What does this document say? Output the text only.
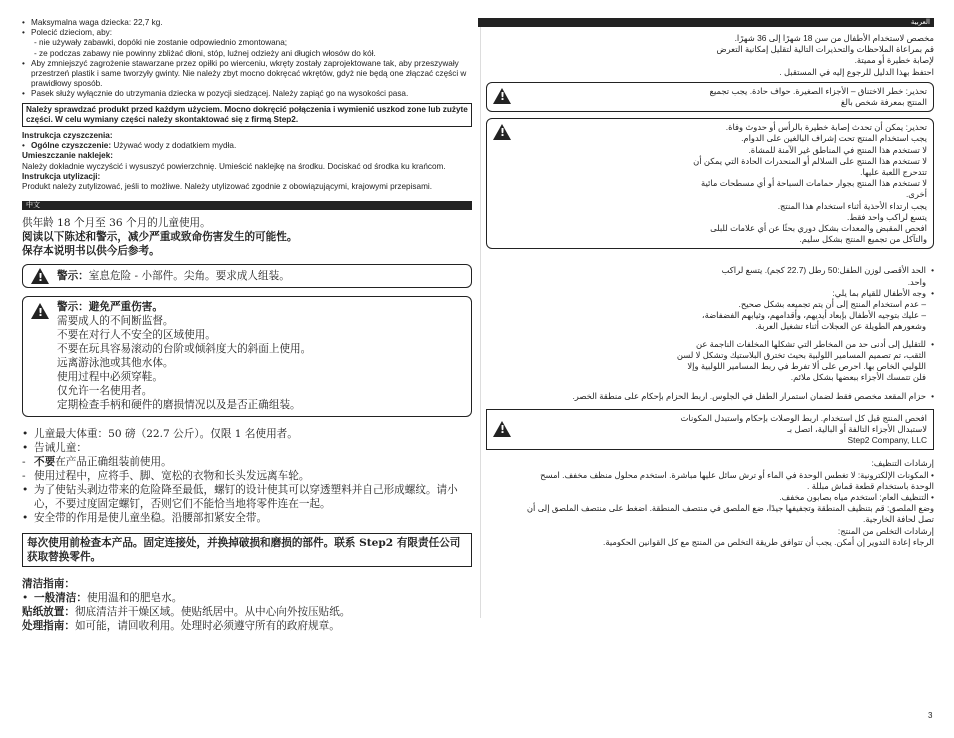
• Maksymalna waga dziecka: 22,7 kg.
• Polecić dzieciom, aby:
- nie używały zabawki, dopóki nie zostanie odpowiednio zmontowana;
- ze podczas zabawy nie powinny zbliżać dłoni, stóp, luźnej odzieży ani długich włosów do kół.
• Aby zmniejszyć zagrożenie stawarzane przez opiłki po wierceniu, wkręty zostały zaprojektowane tak, aby przeszywały przestrzeń plastik i same tworzyły gwinty. Nie należy zbyt mocno dokręcać wkrętów, gdyż nie będą one złączać części w prawidłowy sposób.
• Pasek służy wyłącznie do utrzymania dziecka w pozycji siedzącej. Należy zapiąć go na wysokości pasa.
Należy sprawdzać produkt przed każdym użyciem. Mocno dokręcić połączenia i wymienić uszkod zone lub zużyte części. W celu wymiany części należy skontaktować się z firmą Step2.

Instrukcja czyszczenia:

• Ogólne czyszczenie: Używać wody z dodatkiem mydła.

Umieszczanie naklejek:

Należy dokładnie wyczyścić i wysuszyć powierzchnię. Umieścić naklejkę na środku. Dociskać od środka ku krańcom.

Instrukcja utylizacji:

Produkt należy zutylizować, jeśli to możliwe. Należy utylizować zgodnie z obowiązującymi, krajowymi przepisami.

中文

供年龄 18 个月至 36 个月的儿童使用。

阅读以下陈述和警示，减少严重或致命伤害发生的可能性。

保存本说明书以供今后参考。

!	警示：室息危险 - 小部件。尖角。要求成人组装。
! 警示：避免严重伤害。

需要成人的不间断监督。

不要在对行人不安全的区域使用。

不要在玩具容易滚动的台阶或倾斜度大的斜面上使用。

远离游泳池或其他水体。

使用过程中必须穿鞋。

仅允许一名使用者。

定期检查手柄和硬件的磨损情况以及是否正确组装。

• 儿童最大体重：50 磅（22.7 公斤）。仅限 1 名使用者。
• 告诫儿童：
- 不要在产品正确组装前使用。
- 使用过程中，应将手、脚、宽松的衣物和长头发远离车轮。
• 为了使钻头剥边带来的危险降至最低，螺钉的设计使其可以穿透塑料并自己形成螺纹。请小心，不要过度固定螺钉，否则它们不能恰当地将零件连在一起。
• 安全带的作用是使儿童坐稳。沿腰部扣紧安全带。
每次使用前检查本产品。固定连接处，并换掉破损和磨损的部件。联系 Step2 有限责任公司获取替换零件。

清洁指南：

• 一般清洁：使用温和的肥皂水。

贴纸放置：彻底清洁并干燥区域。使贴纸居中。从中心向外按压贴纸。

处理指南：如可能，请回收利用。处理时必须遵守所有的政府规章。

العربية

مخصص لاستخدام الأطفال من سن 18 شهرًا إلى 36 شهرًا.

قم بمراعاة الملاحظات والتحذيرات التالية لتقليل إمكانية التعرض

لإصابة خطيرة أو مميتة.

احتفظ بهذا الدليل للرجوع إليه في المستقبل .

!	تحذير: خطر الاختناق – الأجزاء الصغيرة. حواف حادة. يجب تجميع

المنتج بمعرفة شخص بالغ

!	تحذير: يمكن أن تحدث إصابة خطيرة بالرأس أو حدوث وفاة.

يجب استخدام المنتج تحت إشراف البالغين على الدوام.

لا تستخدم هذا المنتج في المناطق غير الآمنة للمشاة.

لا تستخدم هذا المنتج على السلالم أو المنحدرات الحادة التي يمكن أن

تتدحرج اللعبة عليها.

لا تستخدم هذا المنتج بجوار حمامات السباحة أو أي مسطحات مائية

أخرى.

يجب ارتداء الأحذية أثناء استخدام هذا المنتج.

يتسع لراكب واحد فقط.

افحص المقبض والمعدات بشكل دوري بحثًا عن أي علامات للبلى

والتآكل من تجميع المنتج بشكل سليم.

• الحد الأقصى لوزن الطفل:50 رطل (22.7 كجم). يتسع لراكب
واحد.
• وجه الأطفال للقيام بما يلي:
– عدم استخدام المنتج إلى أن يتم تجميعه بشكل صحيح.
– عليك بتوجيه الأطفال بإبعاد أيديهم، وأقدامهم، وثيابهم الفضفاضة،
وشعورهم الطويلة عن العجلات أثناء تشغيل العربة.
• للتقليل إلى أدنى حد من المخاطر التي تشكلها المخلفات الناجمة عن
الثقب، تم تصميم المسامير اللولبية بحيث تخترق البلاستيك وتشكل لا لسن
اللولبي الخاص بها. احرص على ألا تفرط في ربط المسامير اللولبية وإلا
فلن تتمسك الأجزاء ببعضها بشكل ملائم.
• حزام المقعد مخصص فقط لضمان استمرار الطفل في الجلوس. اربط الحزام بإحكام على منطقة الخصر.
!

افحص المنتج قبل كل استخدام. اربط الوصلات بإحكام واستبدل المكونات

لاستبدال الأجزاء التالفة أو البالية، اتصل بـ

Step2 Company, LLC

إرشادات التنظيف:

• المكونات الإلكترونية: لا تغطس الوحدة في الماء أو ترش سائل عليها مباشرة. استخدم محلول منظف مخفف. امسح

الوحدة باستخدام قطعة قماش مبللة .

• التنظيف العام: استخدم مياه بصابون مخفف.

وضع الملصق: قم بتنظيف المنطقة وتجفيفها جيدًا، ضع الملصق في منتصف المنطقة. اضغط على منتصف الملصق إلى أن

تصل لحافة الخارجية.

إرشادات التخلص من المنتج:

الرجاء إعادة التدوير إن أمكن. يجب أن تتوافق طريقة التخلص من المنتج مع كل القوانين الحكومية.

3
